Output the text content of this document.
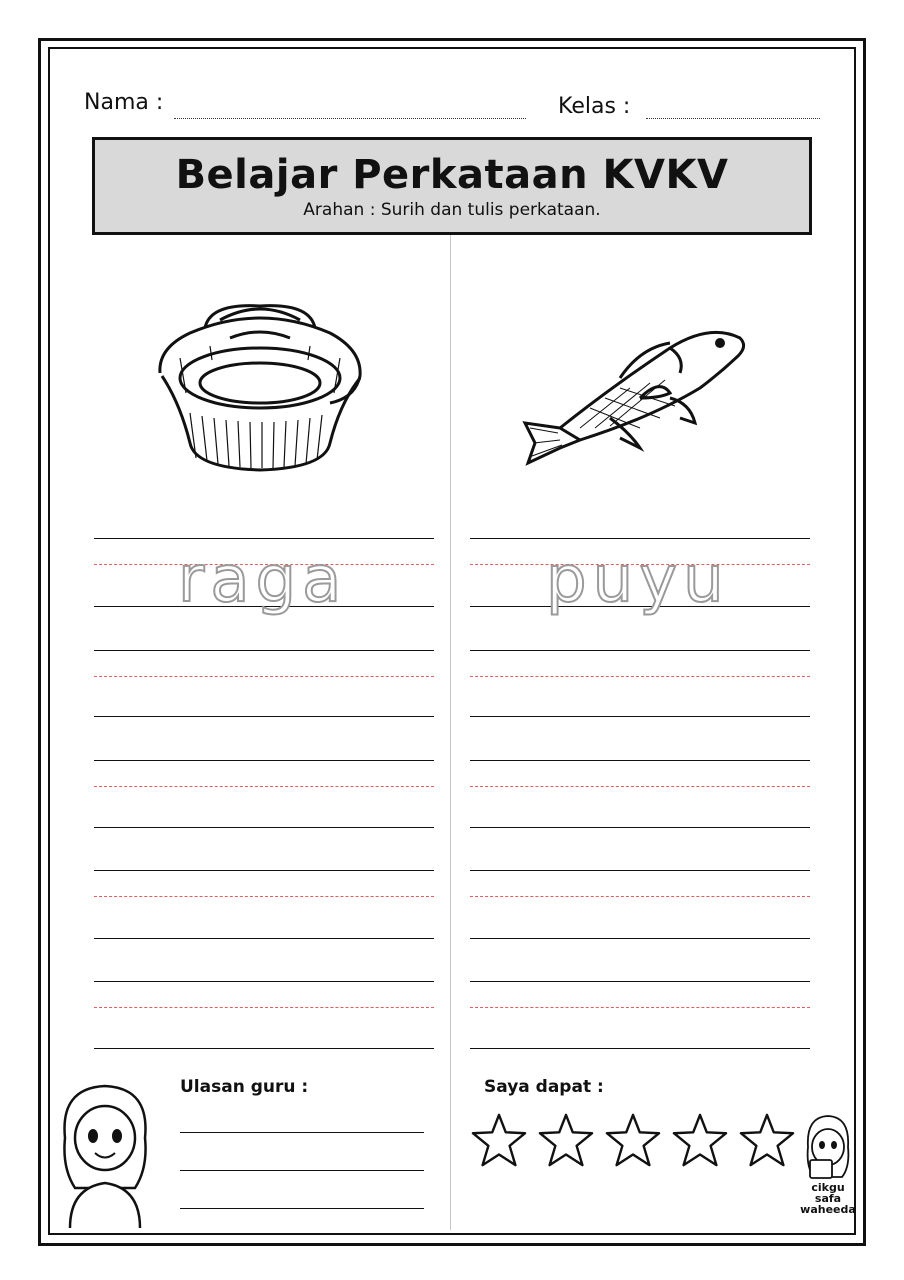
Nama :	Kelas :
Belajar Perkataan KVKV
Arahan : Surih dan tulis perkataan.
raga	puyu
Ulasan guru :	Saya dapat :
cikgu
safa
waheeda
